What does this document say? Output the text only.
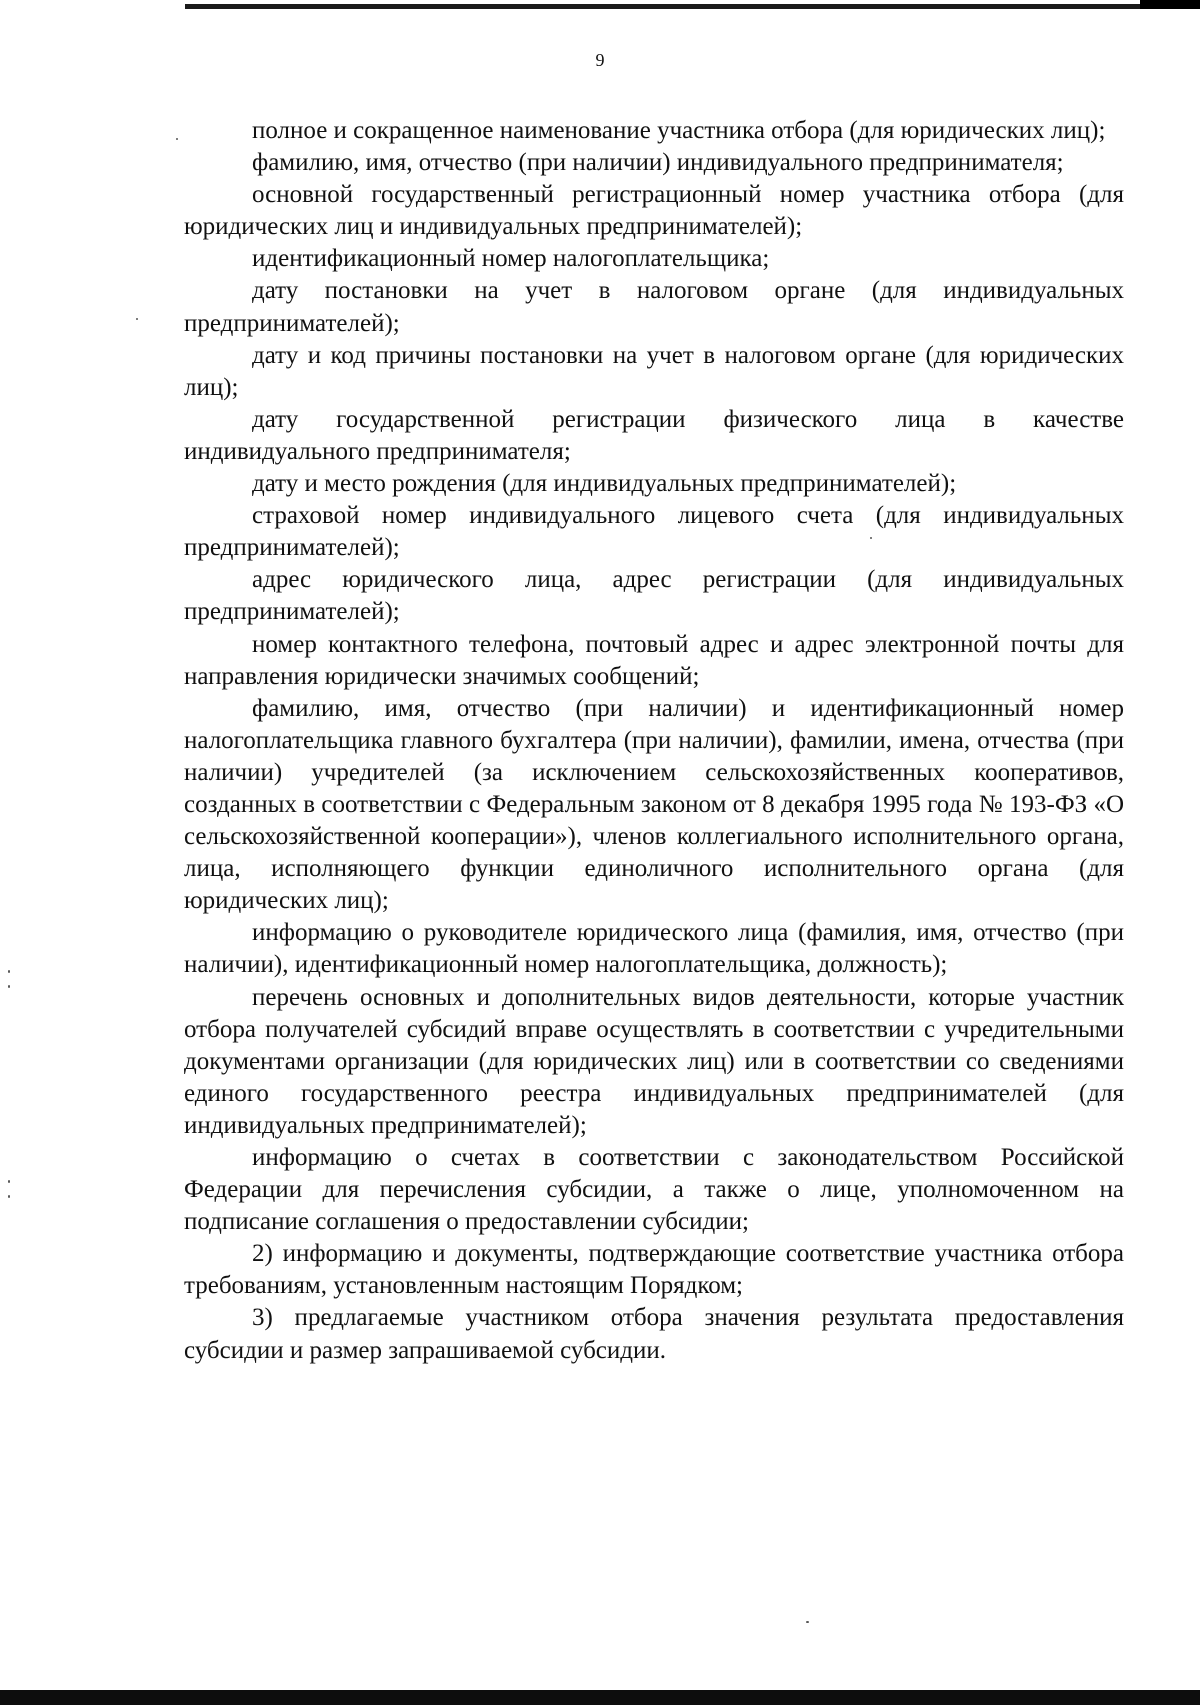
9

полное и сокращенное наименование участника отбора (для юридических лиц);

фамилию, имя, отчество (при наличии) индивидуального предпринимателя;

основной государственный регистрационный номер участника отбора (для юридических лиц и индивидуальных предпринимателей);

идентификационный номер налогоплательщика;

дату постановки на учет в налоговом органе (для индивидуальных предпринимателей);

дату и код причины постановки на учет в налоговом органе (для юридических лиц);

дату государственной регистрации физического лица в качестве индивидуального предпринимателя;

дату и место рождения (для индивидуальных предпринимателей);

страховой номер индивидуального лицевого счета (для индивидуальных предпринимателей);

адрес юридического лица, адрес регистрации (для индивидуальных предпринимателей);

номер контактного телефона, почтовый адрес и адрес электронной почты для направления юридически значимых сообщений;

фамилию, имя, отчество (при наличии) и идентификационный номер налогоплательщика главного бухгалтера (при наличии), фамилии, имена, отчества (при наличии) учредителей (за исключением сельскохозяйственных кооперативов, созданных в соответствии с Федеральным законом от 8 декабря 1995 года № 193-ФЗ «О сельскохозяйственной кооперации»), членов коллегиального исполнительного органа, лица, исполняющего функции единоличного исполнительного органа (для юридических лиц);

информацию о руководителе юридического лица (фамилия, имя, отчество (при наличии), идентификационный номер налогоплательщика, должность);

перечень основных и дополнительных видов деятельности, которые участник отбора получателей субсидий вправе осуществлять в соответствии с учредительными документами организации (для юридических лиц) или в соответствии со сведениями единого государственного реестра индивидуальных предпринимателей (для индивидуальных предпринимателей);

информацию о счетах в соответствии с законодательством Российской Федерации для перечисления субсидии, а также о лице, уполномоченном на подписание соглашения о предоставлении субсидии;

2) информацию и документы, подтверждающие соответствие участника отбора требованиям, установленным настоящим Порядком;

3) предлагаемые участником отбора значения результата предоставления субсидии и размер запрашиваемой субсидии.
